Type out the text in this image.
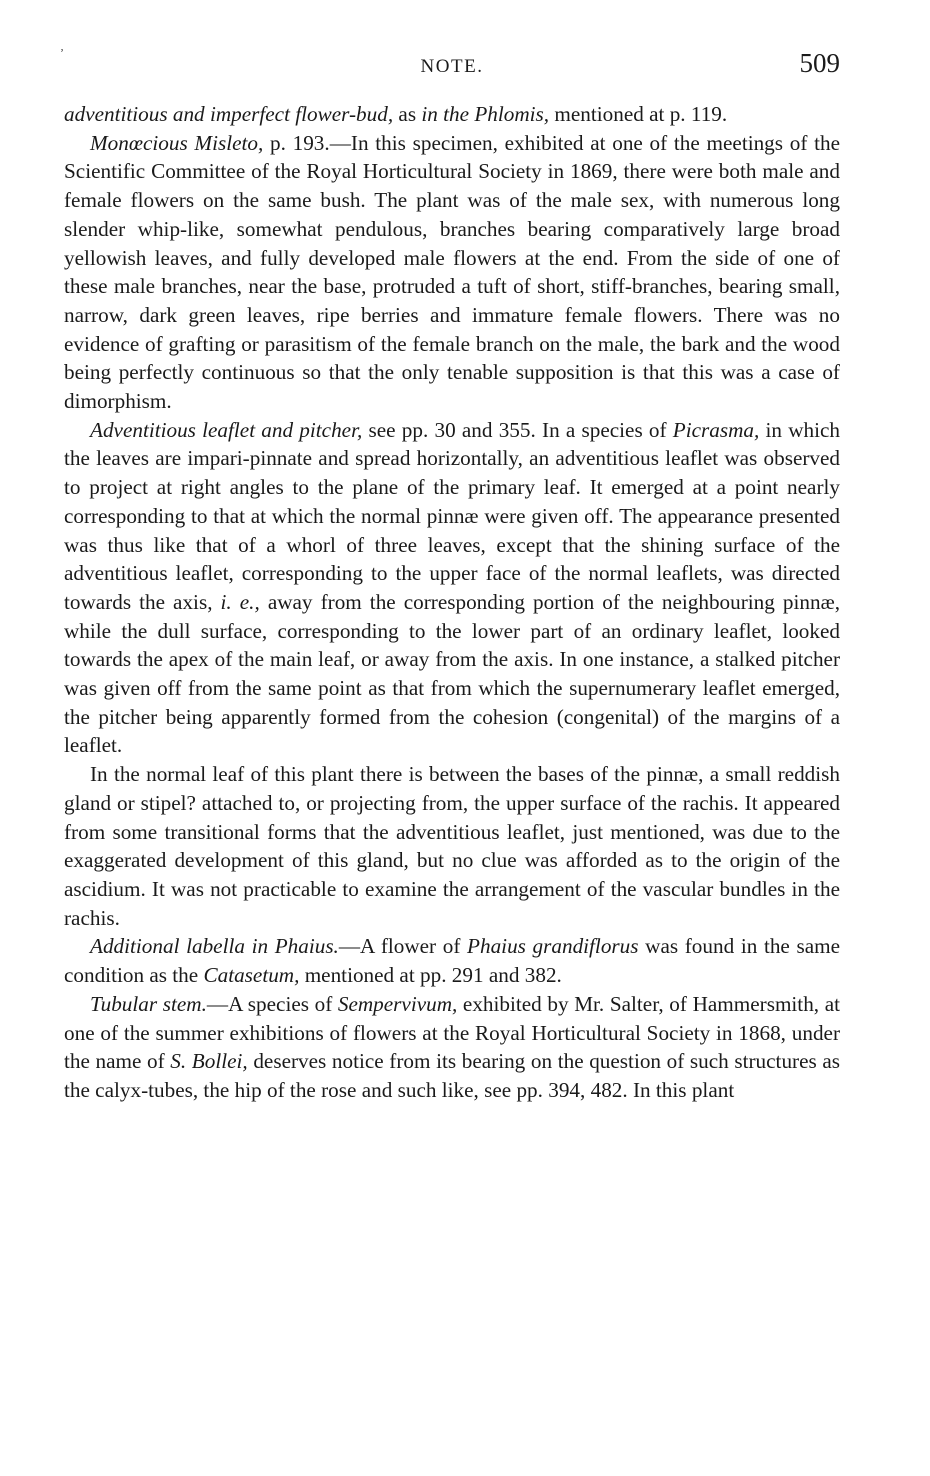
ʼ
NOTE.	509

adventitious and imperfect flower-bud, as in the Phlomis, mentioned at p. 119.

Monœcious Misleto, p. 193.—In this specimen, exhibited at one of the meetings of the Scientific Committee of the Royal Horticultural Society in 1869, there were both male and female flowers on the same bush. The plant was of the male sex, with numerous long slender whip-like, somewhat pendulous, branches bearing comparatively large broad yellowish leaves, and fully developed male flowers at the end. From the side of one of these male branches, near the base, protruded a tuft of short, stiff-branches, bearing small, narrow, dark green leaves, ripe berries and immature female flowers. There was no evidence of grafting or parasitism of the female branch on the male, the bark and the wood being perfectly continuous so that the only tenable supposition is that this was a case of dimorphism.

Adventitious leaflet and pitcher, see pp. 30 and 355. In a species of Picrasma, in which the leaves are impari-pinnate and spread horizontally, an adventitious leaflet was observed to project at right angles to the plane of the primary leaf. It emerged at a point nearly corresponding to that at which the normal pinnæ were given off. The appearance presented was thus like that of a whorl of three leaves, except that the shining surface of the adventitious leaflet, corresponding to the upper face of the normal leaflets, was directed towards the axis, i. e., away from the corresponding portion of the neighbouring pinnæ, while the dull surface, corresponding to the lower part of an ordinary leaflet, looked towards the apex of the main leaf, or away from the axis. In one instance, a stalked pitcher was given off from the same point as that from which the supernumerary leaflet emerged, the pitcher being apparently formed from the cohesion (congenital) of the margins of a leaflet.

In the normal leaf of this plant there is between the bases of the pinnæ, a small reddish gland or stipel? attached to, or projecting from, the upper surface of the rachis. It appeared from some transitional forms that the adventitious leaflet, just mentioned, was due to the exaggerated development of this gland, but no clue was afforded as to the origin of the ascidium. It was not practicable to examine the arrangement of the vascular bundles in the rachis.

Additional labella in Phaius.—A flower of Phaius grandiflorus was found in the same condition as the Catasetum, mentioned at pp. 291 and 382.

Tubular stem.—A species of Sempervivum, exhibited by Mr. Salter, of Hammersmith, at one of the summer exhibitions of flowers at the Royal Horticultural Society in 1868, under the name of S. Bollei, deserves notice from its bearing on the question of such structures as the calyx-tubes, the hip of the rose and such like, see pp. 394, 482. In this plant
